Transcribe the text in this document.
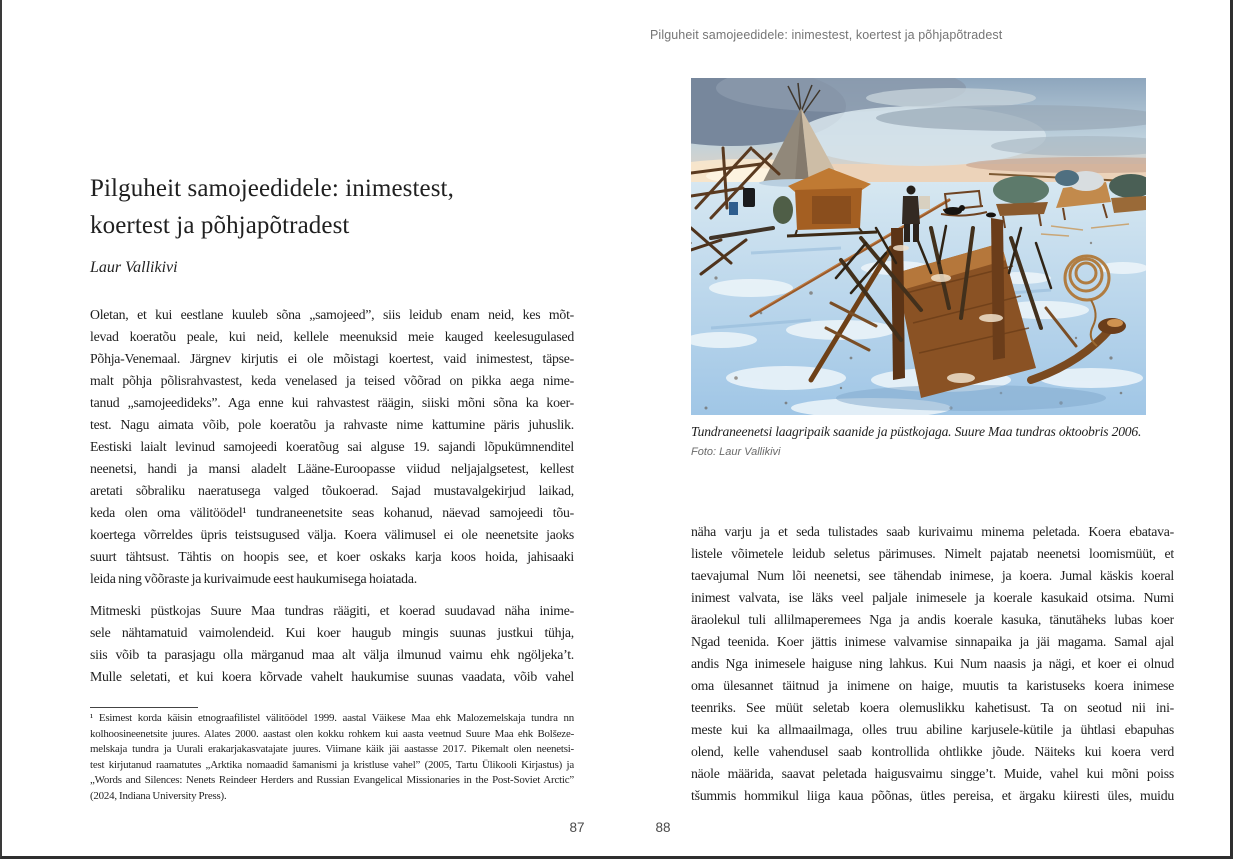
Pilguheit samojeedidele: inimestest, koertest ja põhjapõtradest
Pilguheit samojeedidele: inimestest,
koertest ja põhjapõtradest
Laur Vallikivi
Oletan, et kui eestlane kuuleb sõna „samojeed”, siis leidub enam neid, kes mõt-
levad koeratõu peale, kui neid, kellele meenuksid meie kauged keelesugulased
Põhja-Venemaal. Järgnev kirjutis ei ole mõistagi koertest, vaid inimestest, täpse-
malt põhja põlisrahvastest, keda venelased ja teised võõrad on pikka aega nime-
tanud „samojeedideks”. Aga enne kui rahvastest räägin, siiski mõni sõna ka koer-
test. Nagu aimata võib, pole koeratõu ja rahvaste nime kattumine päris juhuslik.
Eestiski laialt levinud samojeedi koeratõug sai alguse 19. sajandi lõpukümnenditel
neenetsi, handi ja mansi aladelt Lääne-Euroopasse viidud neljajalgsetest, kellest
aretati sõbraliku naeratusega valged tõukoerad. Sajad mustavalgekirjud laikad,
keda olen oma välitöödel¹ tundraneenetsite seas kohanud, näevad samojeedi tõu-
koertega võrreldes üpris teistsugused välja. Koera välimusel ei ole neenetsite jaoks
suurt tähtsust. Tähtis on hoopis see, et koer oskaks karja koos hoida, jahisaaki
leida ning võõraste ja kurivaimude eest haukumisega hoiatada.
Mitmeski püstkojas Suure Maa tundras räägiti, et koerad suudavad näha inime-
sele nähtamatuid vaimolendeid. Kui koer haugub mingis suunas justkui tühja,
siis võib ta parasjagu olla märganud maa alt välja ilmunud vaimu ehk ngöljeka’t.
Mulle seletati, et kui koera kõrvade vahelt haukumise suunas vaadata, võib vahel
¹ Esimest korda käisin etnograafilistel välitöödel 1999. aastal Väikese Maa ehk Malozemelskaja tundra nn
kolhoosineenetsite juures. Alates 2000. aastast olen kokku rohkem kui aasta veetnud Suure Maa ehk Bolšeze-
melskaja tundra ja Uurali erakarjakasvatajate juures. Viimane käik jäi aastasse 2017. Pikemalt olen neenetsi-
test kirjutanud raamatutes „Arktika nomaadid šamanismi ja kristluse vahel” (2005, Tartu Ülikooli Kirjastus) ja
„Words and Silences: Nenets Reindeer Herders and Russian Evangelical Missionaries in the Post-Soviet Arctic”
(2024, Indiana University Press).
Tundraneenetsi laagripaik saanide ja püstkojaga. Suure Maa tundras oktoobris 2006.
Foto: Laur Vallikivi
näha varju ja et seda tulistades saab kurivaimu minema peletada. Koera ebatava-
listele võimetele leidub seletus pärimuses. Nimelt pajatab neenetsi loomismüüt, et
taevajumal Num lõi neenetsi, see tähendab inimese, ja koera. Jumal käskis koeral
inimest valvata, ise läks veel paljale inimesele ja koerale kasukaid otsima. Numi
äraolekul tuli allilmaperemees Nga ja andis koerale kasuka, tänutäheks lubas koer
Ngad teenida. Koer jättis inimese valvamise sinnapaika ja jäi magama. Samal ajal
andis Nga inimesele haiguse ning lahkus. Kui Num naasis ja nägi, et koer ei olnud
oma ülesannet täitnud ja inimene on haige, muutis ta karistuseks koera inimese
teenriks. See müüt seletab koera olemuslikku kahetisust. Ta on seotud nii ini-
meste kui ka allmaailmaga, olles truu abiline karjusele-kütile ja ühtlasi ebapuhas
olend, kelle vahendusel saab kontrollida ohtlikke jõude. Näiteks kui koera verd
näole määrida, saavat peletada haigusvaimu singge’t. Muide, vahel kui mõni poiss
tšummis hommikul liiga kaua põõnas, ütles pereisa, et ärgaku kiiresti üles, muidu
87	88
